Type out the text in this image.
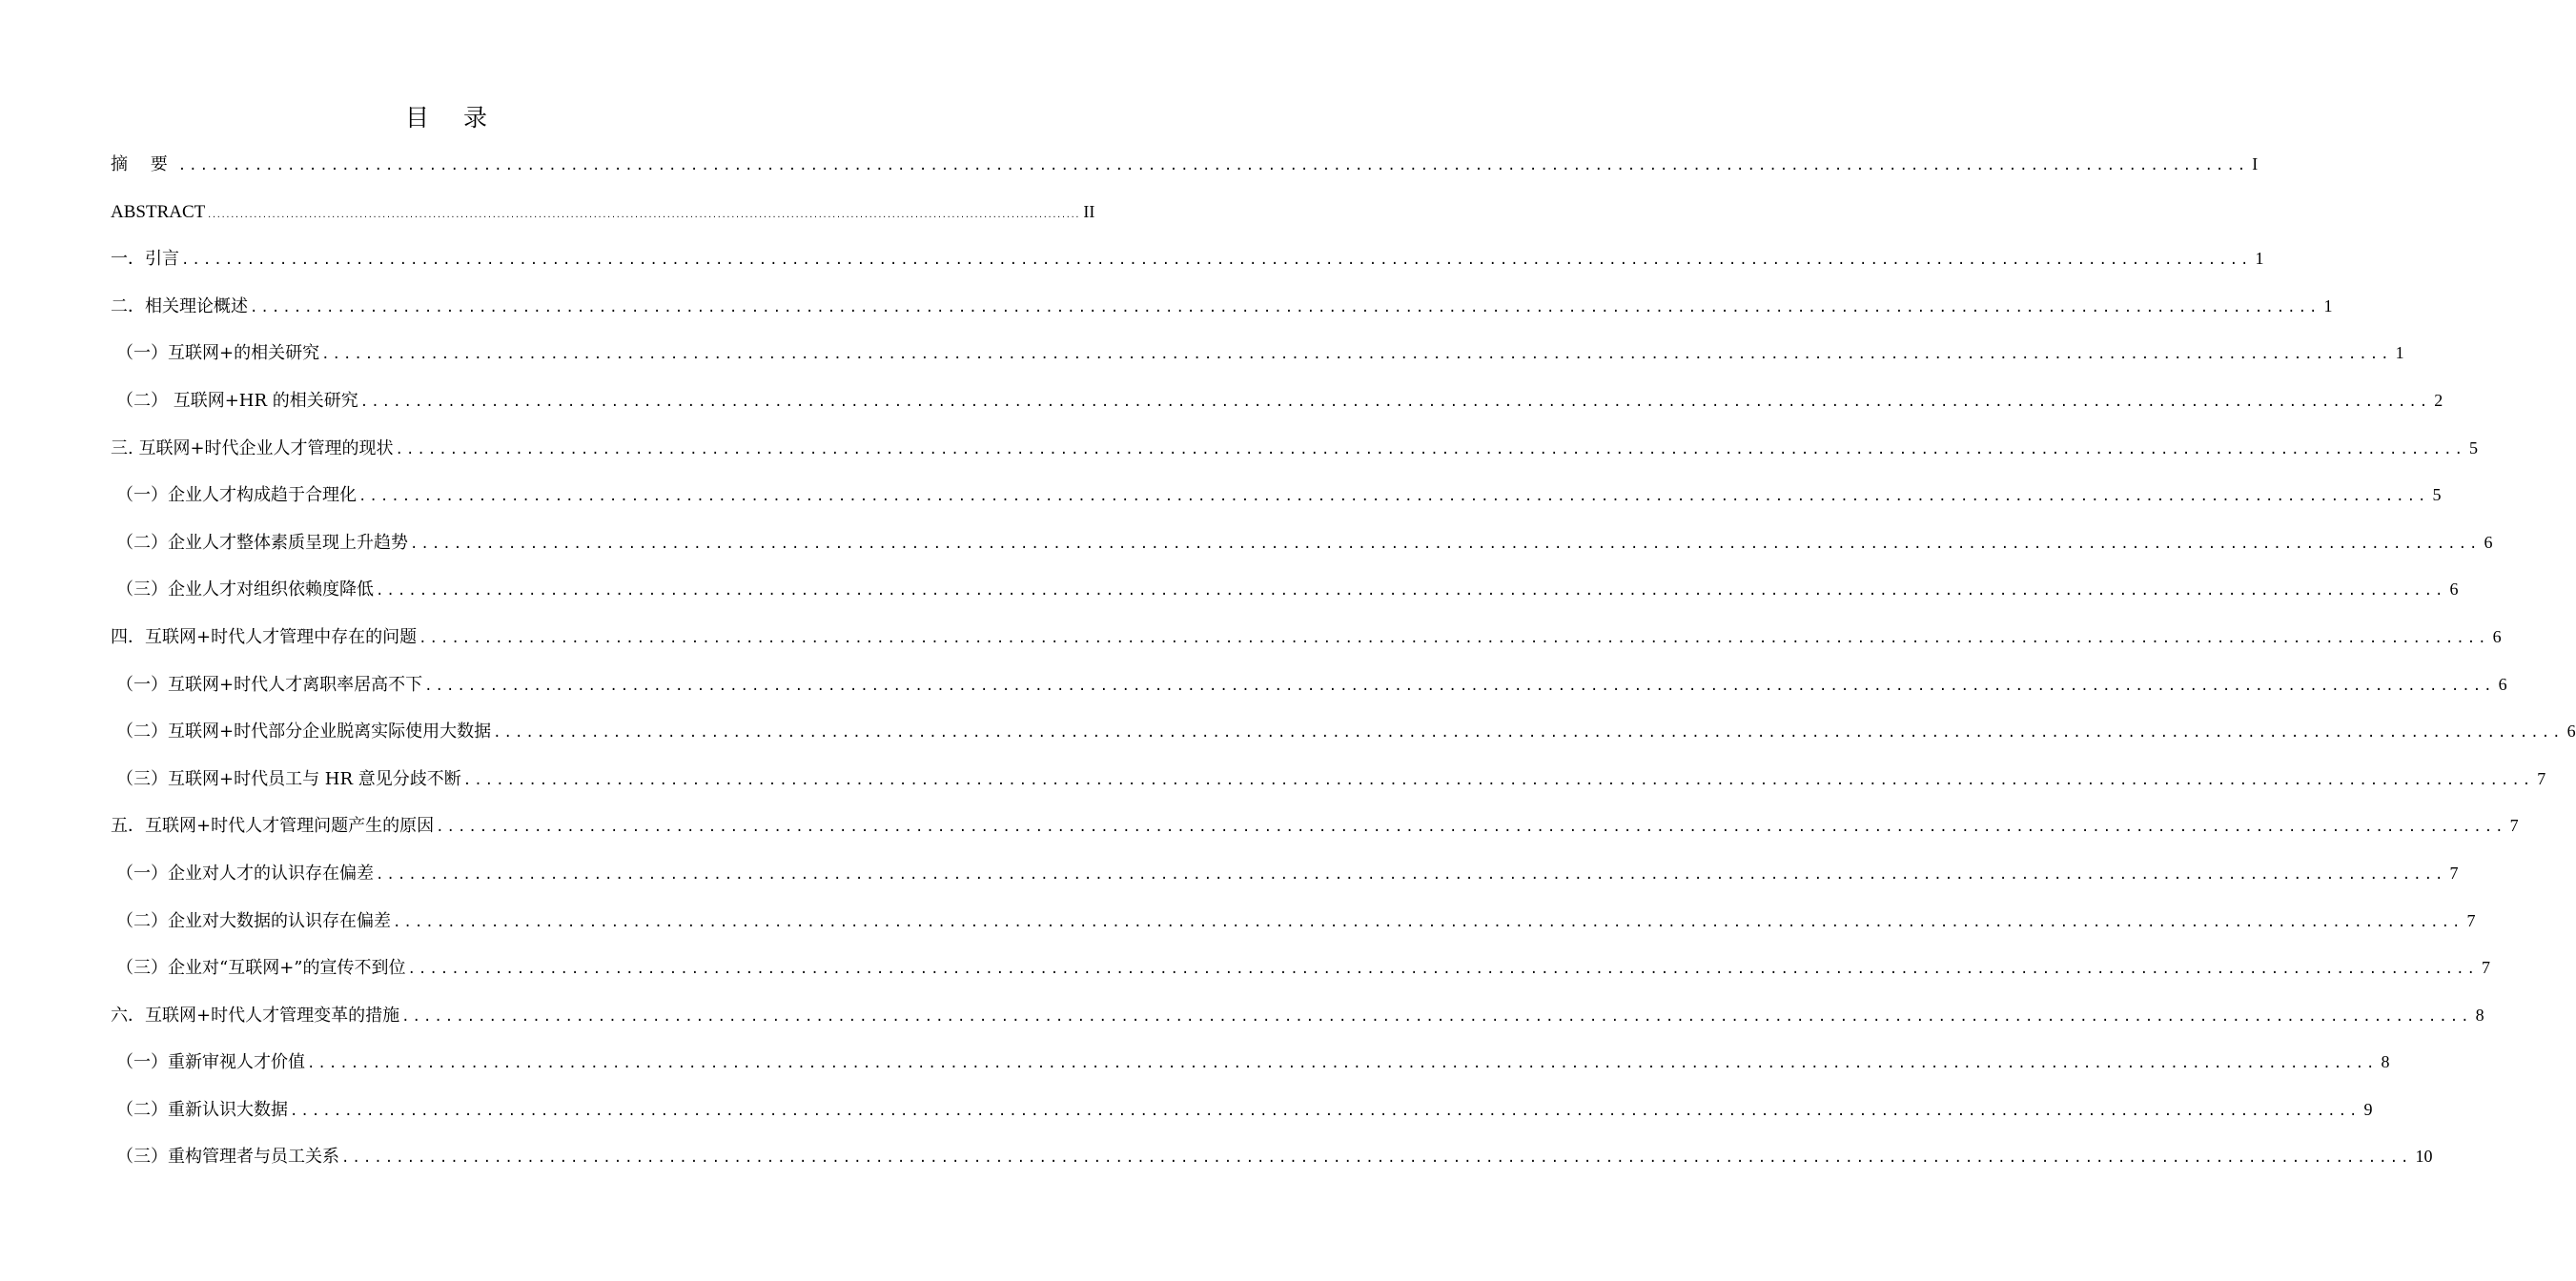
目 录
摘 要 .............................................................................................................................................................................................. I
ABSTRACT .............................................................................................................................................................................................. II
一．引言 .............................................................................................................................................................................................. 1
二．相关理论概述 .............................................................................................................................................................................................. 1
（一）互联网+的相关研究 .............................................................................................................................................................................................. 1
（二） 互联网+HR 的相关研究 .............................................................................................................................................................................................. 2
三. 互联网+时代企业人才管理的现状 .............................................................................................................................................................................................. 5
（一）企业人才构成趋于合理化 .............................................................................................................................................................................................. 5
（二）企业人才整体素质呈现上升趋势 .............................................................................................................................................................................................. 6
（三）企业人才对组织依赖度降低 .............................................................................................................................................................................................. 6
四．互联网+时代人才管理中存在的问题 .............................................................................................................................................................................................. 6
（一）互联网+时代人才离职率居高不下 .............................................................................................................................................................................................. 6
（二）互联网+时代部分企业脱离实际使用大数据 .............................................................................................................................................................................................. 6
（三）互联网+时代员工与 HR 意见分歧不断 .............................................................................................................................................................................................. 7
五．互联网+时代人才管理问题产生的原因 .............................................................................................................................................................................................. 7
（一）企业对人才的认识存在偏差 .............................................................................................................................................................................................. 7
（二）企业对大数据的认识存在偏差 .............................................................................................................................................................................................. 7
（三）企业对“互联网+”的宣传不到位 .............................................................................................................................................................................................. 7
六．互联网+时代人才管理变革的措施 .............................................................................................................................................................................................. 8
（一）重新审视人才价值 .............................................................................................................................................................................................. 8
（二）重新认识大数据 .............................................................................................................................................................................................. 9
（三）重构管理者与员工关系 .............................................................................................................................................................................................. 10
